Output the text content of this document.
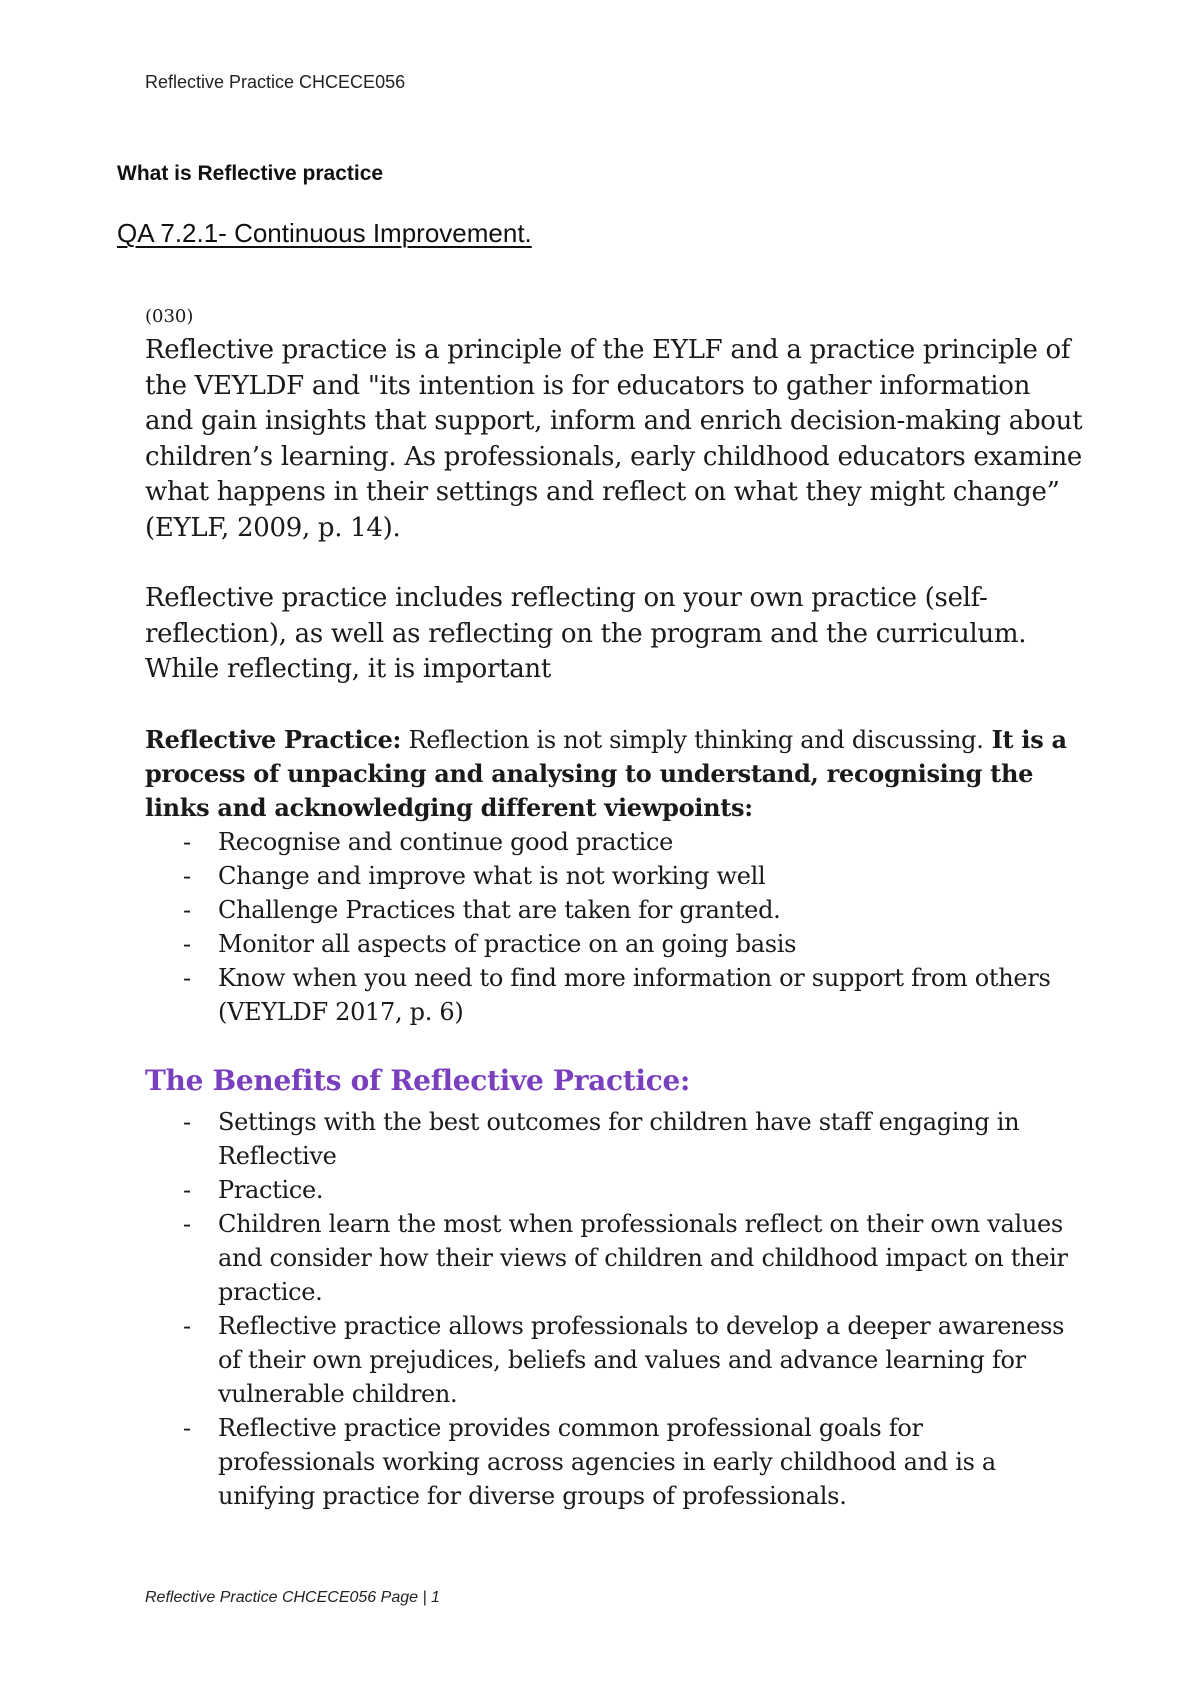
Reflective Practice CHCECE056
What is Reflective practice
QA 7.2.1- Continuous Improvement.
(030)

Reflective practice is a principle of the EYLF and a practice principle of the VEYLDF and "its intention is for educators to gather information and gain insights that support, inform and enrich decision-making about children’s learning. As professionals, early childhood educators examine what happens in their settings and reflect on what they might change” (EYLF, 2009, p. 14).

Reflective practice includes reflecting on your own practice (self-reflection), as well as reflecting on the program and the curriculum. While reflecting, it is important

Reflective Practice: Reflection is not simply thinking and discussing. It is a process of unpacking and analysing to understand, recognising the links and acknowledging different viewpoints:

- Recognise and continue good practice
- Change and improve what is not working well
- Challenge Practices that are taken for granted.
- Monitor all aspects of practice on an going basis
- Know when you need to find more information or support from others (VEYLDF 2017, p. 6)
The Benefits of Reflective Practice:
- Settings with the best outcomes for children have staff engaging in Reflective
- Practice.
- Children learn the most when professionals reflect on their own values and consider how their views of children and childhood impact on their practice.
- Reflective practice allows professionals to develop a deeper awareness of their own prejudices, beliefs and values and advance learning for vulnerable children.
- Reflective practice provides common professional goals for professionals working across agencies in early childhood and is a unifying practice for diverse groups of professionals.
Reflective Practice CHCECE056 Page | 1
